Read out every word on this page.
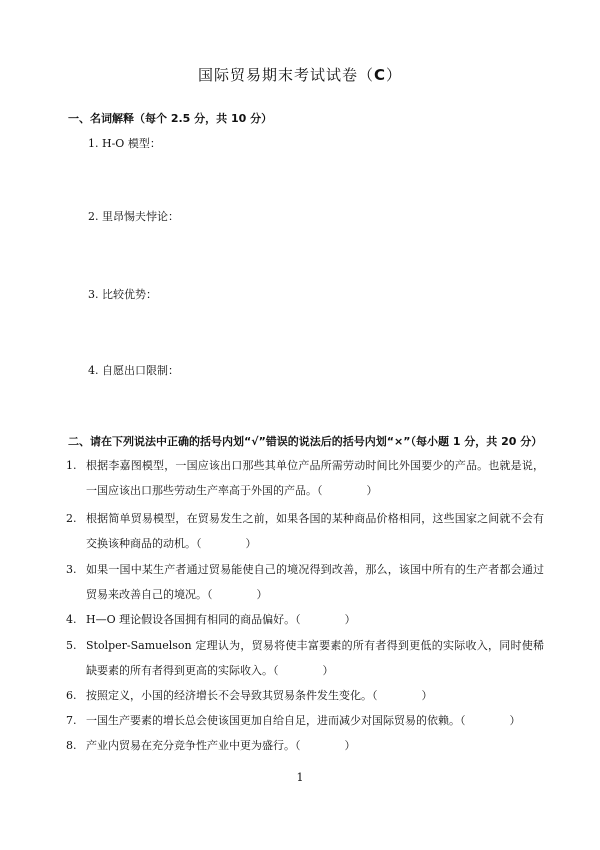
国际贸易期末考试试卷（C）
一、名词解释（每个 2.5 分，共 10 分）
1. H-O 模型：
2. 里昂惕夫悖论：
3. 比较优势：
4. 自愿出口限制：
二、请在下列说法中正确的括号内划“√”错误的说法后的括号内划“×”（每小题 1 分，共 20 分）
1. 根据李嘉图模型，一国应该出口那些其单位产品所需劳动时间比外国要少的产品。也就是说，一国应该出口那些劳动生产率高于外国的产品。（　　　　）
2. 根据简单贸易模型，在贸易发生之前，如果各国的某种商品价格相同，这些国家之间就不会有交换该种商品的动机。（　　　　）
3. 如果一国中某生产者通过贸易能使自己的境况得到改善，那么，该国中所有的生产者都会通过贸易来改善自己的境况。（　　　　）
4. H—O 理论假设各国拥有相同的商品偏好。（　　　　）
5. Stolper-Samuelson 定理认为，贸易将使丰富要素的所有者得到更低的实际收入，同时使稀缺要素的所有者得到更高的实际收入。（　　　　）
6. 按照定义，小国的经济增长不会导致其贸易条件发生变化。（　　　　）
7. 一国生产要素的增长总会使该国更加自给自足，进而减少对国际贸易的依赖。（　　　　）
8. 产业内贸易在充分竞争性产业中更为盛行。（　　　　）
1
